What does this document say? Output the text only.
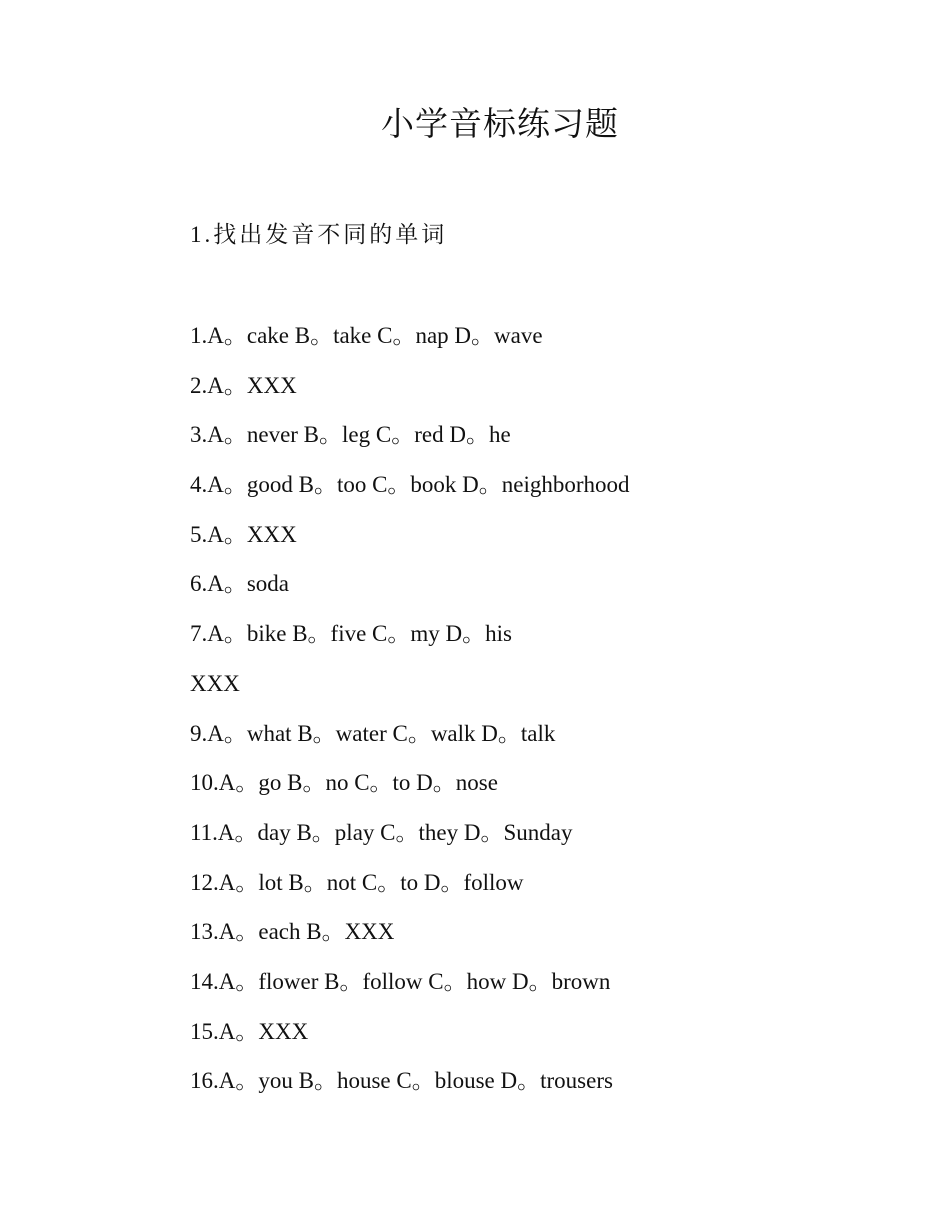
小学音标练习题
1.找出发音不同的单词
1.A。cake B。take C。nap D。wave
2.A。XXX
3.A。never B。leg C。red D。he
4.A。good B。too C。book D。neighborhood
5.A。XXX
6.A。soda
7.A。bike B。five C。my D。his
XXX
9.A。what B。water C。walk D。talk
10.A。go B。no C。to D。nose
11.A。day B。play C。they D。Sunday
12.A。lot B。not C。to D。follow
13.A。each B。XXX
14.A。flower B。follow C。how D。brown
15.A。XXX
16.A。you B。house C。blouse D。trousers
